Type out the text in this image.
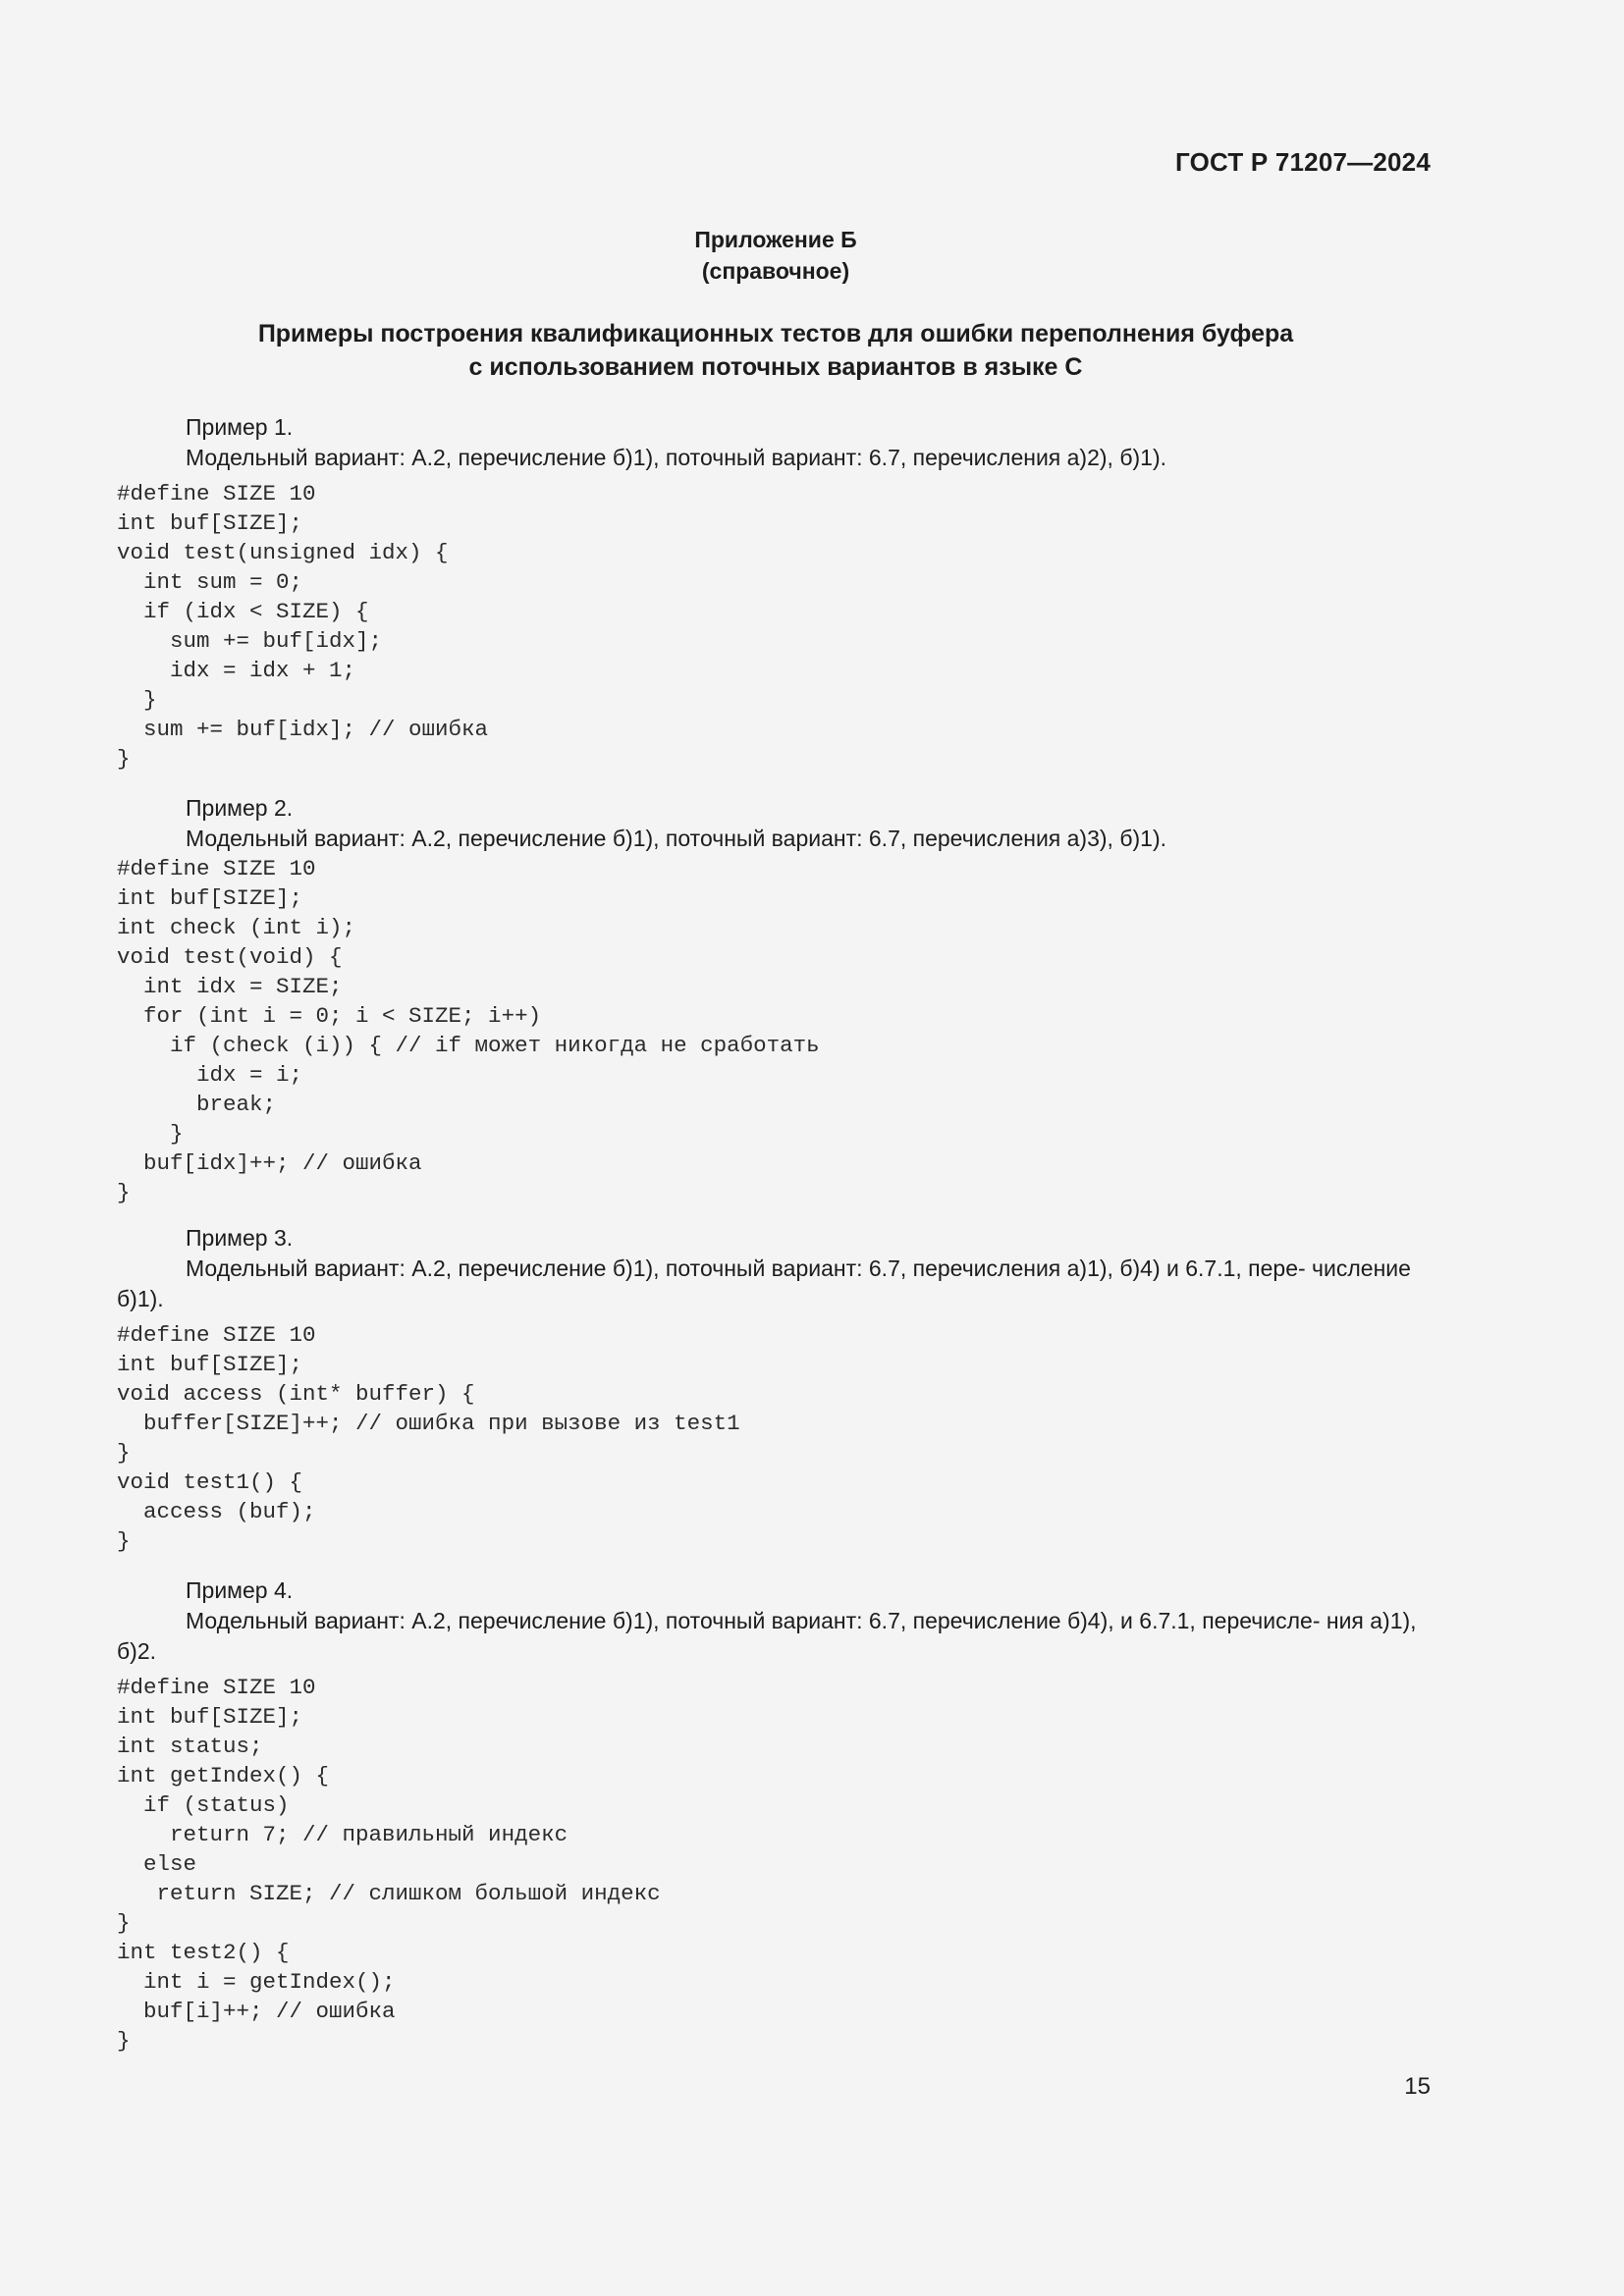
ГОСТ Р 71207—2024
Приложение Б
(справочное)
Примеры построения квалификационных тестов для ошибки переполнения буфера
с использованием поточных вариантов в языке С

Пример 1.

Модельный вариант: А.2, перечисление б)1), поточный вариант: 6.7, перечисления а)2), б)1).

#define SIZE 10
int buf[SIZE];
void test(unsigned idx) {
int sum = 0;
if (idx < SIZE) {
sum += buf[idx];
idx = idx + 1;
}
sum += buf[idx]; // ошибка
}

Пример 2.

Модельный вариант: А.2, перечисление б)1), поточный вариант: 6.7, перечисления а)3), б)1).

#define SIZE 10
int buf[SIZE];
int check (int i);
void test(void) {
int idx = SIZE;
for (int i = 0; i < SIZE; i++)
if (check (i)) { // if может никогда не сработать
idx = i;
break;
}
buf[idx]++; // ошибка
}

Пример 3.

Модельный вариант: А.2, перечисление б)1), поточный вариант: 6.7, перечисления а)1), б)4) и 6.7.1, пере- числение б)1).

#define SIZE 10
int buf[SIZE];
void access (int* buffer) {
buffer[SIZE]++; // ошибка при вызове из test1
}
void test1() {
access (buf);
}

Пример 4.

Модельный вариант: А.2, перечисление б)1), поточный вариант: 6.7, перечисление б)4), и 6.7.1, перечисле- ния а)1), б)2.

#define SIZE 10
int buf[SIZE];
int status;
int getIndex() {
if (status)
return 7; // правильный индекс
else
return SIZE; // слишком большой индекс
}
int test2() {
int i = getIndex();
buf[i]++; // ошибка
}
15
